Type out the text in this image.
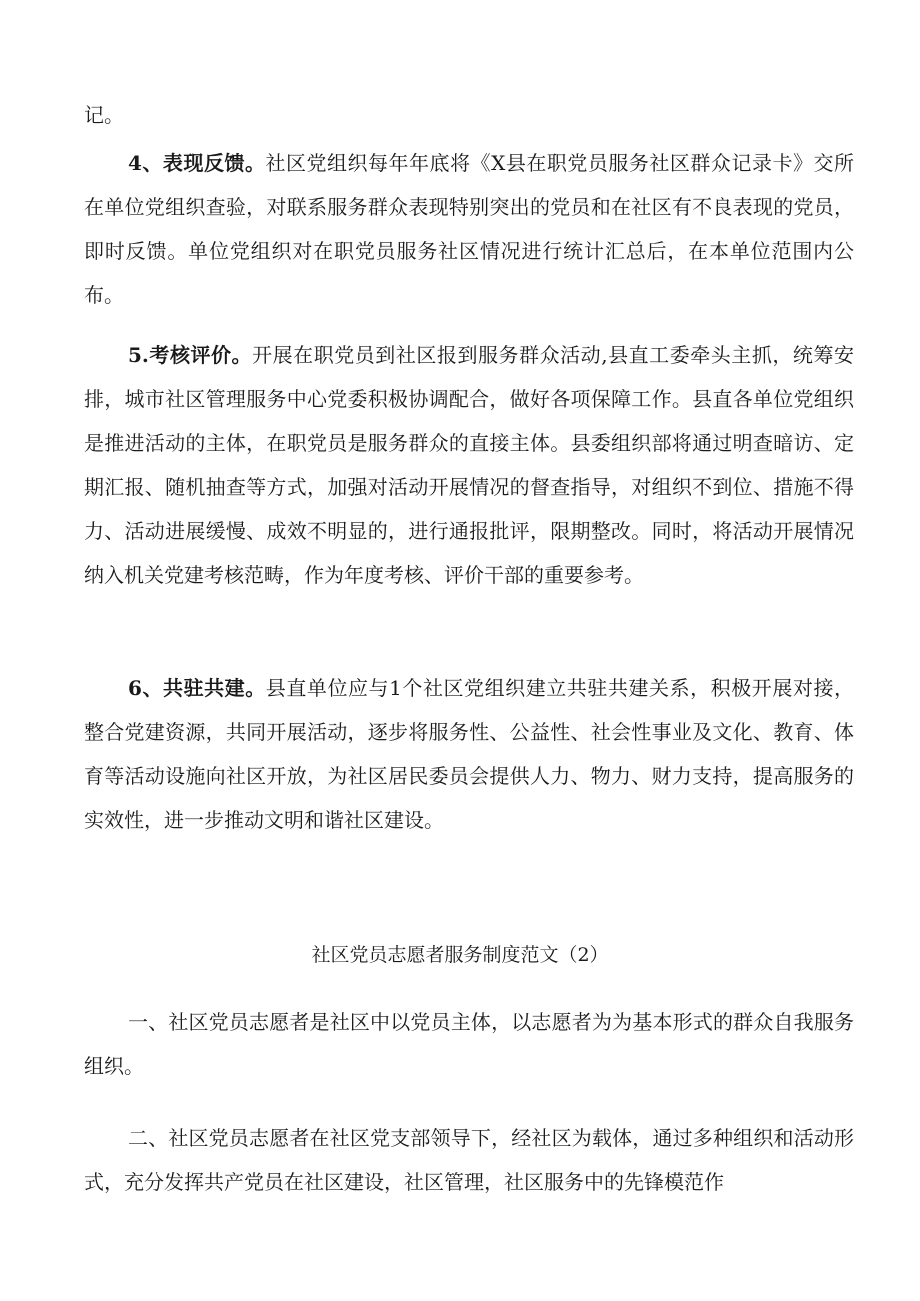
记。

4、表现反馈。社区党组织每年年底将《X县在职党员服务社区群众记录卡》交所在单位党组织查验，对联系服务群众表现特别突出的党员和在社区有不良表现的党员，即时反馈。单位党组织对在职党员服务社区情况进行统计汇总后，在本单位范围内公布。

5.考核评价。开展在职党员到社区报到服务群众活动,县直工委牵头主抓，统筹安排，城市社区管理服务中心党委积极协调配合，做好各项保障工作。县直各单位党组织是推进活动的主体，在职党员是服务群众的直接主体。县委组织部将通过明查暗访、定期汇报、随机抽查等方式，加强对活动开展情况的督查指导，对组织不到位、措施不得力、活动进展缓慢、成效不明显的，进行通报批评，限期整改。同时，将活动开展情况纳入机关党建考核范畴，作为年度考核、评价干部的重要参考。

6、共驻共建。县直单位应与1个社区党组织建立共驻共建关系，积极开展对接，整合党建资源，共同开展活动，逐步将服务性、公益性、社会性事业及文化、教育、体育等活动设施向社区开放，为社区居民委员会提供人力、物力、财力支持，提高服务的实效性，进一步推动文明和谐社区建设。

社区党员志愿者服务制度范文（2）

一、社区党员志愿者是社区中以党员主体，以志愿者为为基本形式的群众自我服务组织。

二、社区党员志愿者在社区党支部领导下，经社区为载体，通过多种组织和活动形式，充分发挥共产党员在社区建设，社区管理，社区服务中的先锋模范作
